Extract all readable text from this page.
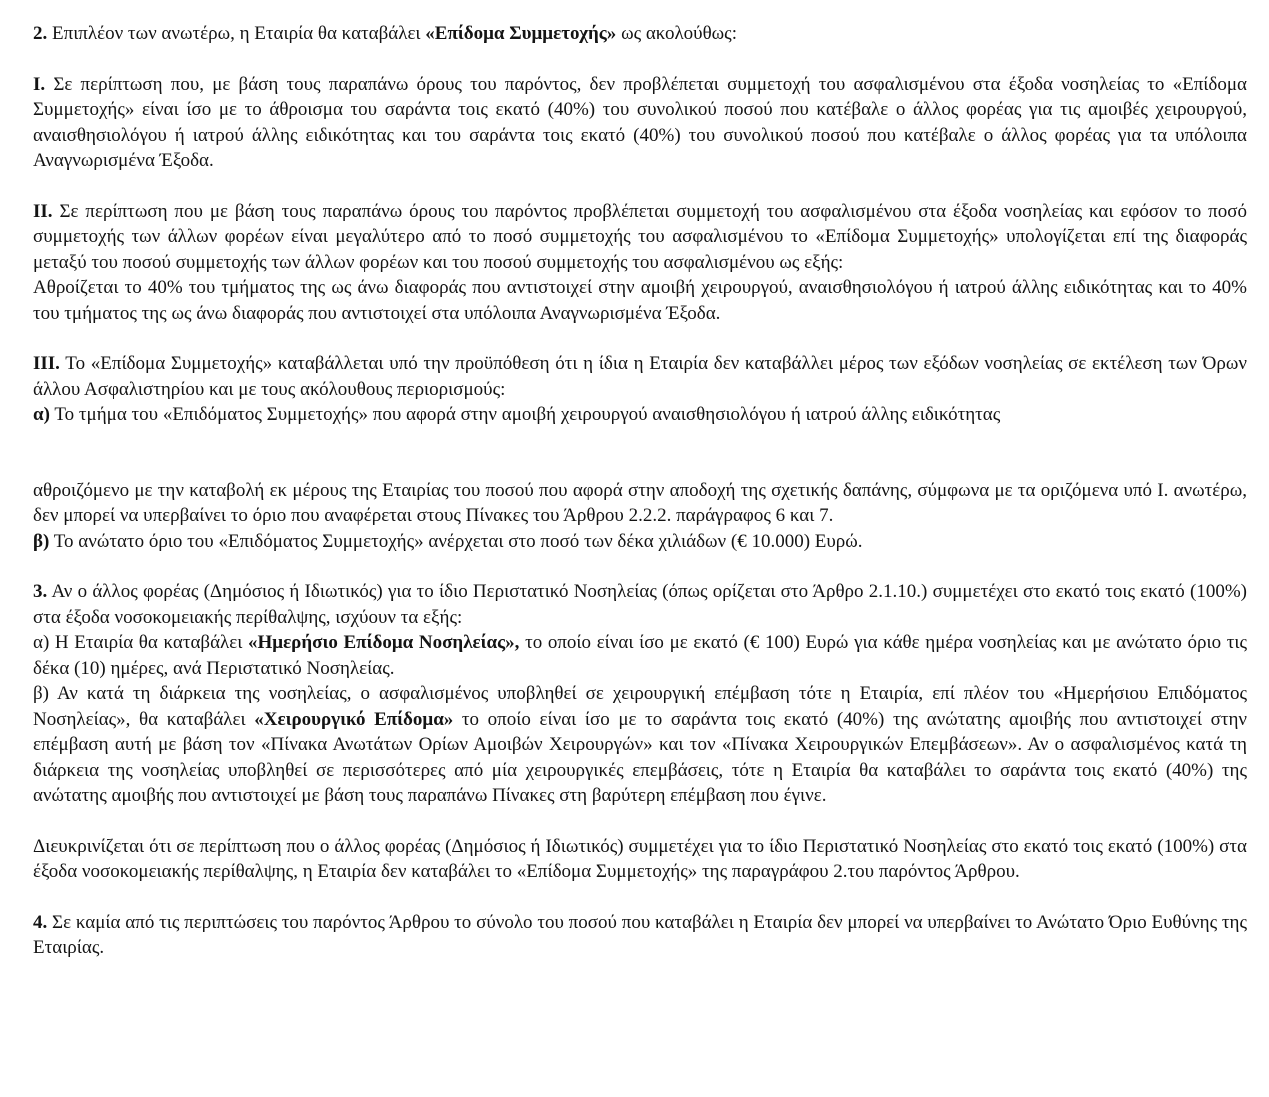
2. Επιπλέον των ανωτέρω, η Εταιρία θα καταβάλει «Επίδομα Συμμετοχής» ως ακολούθως:

Ι. Σε περίπτωση που, με βάση τους παραπάνω όρους του παρόντος, δεν προβλέπεται συμμετοχή του ασφαλισμένου στα έξοδα νοσηλείας το «Επίδομα Συμμετοχής» είναι ίσο με το άθροισμα του σαράντα τοις εκατό (40%) του συνολικού ποσού που κατέβαλε ο άλλος φορέας για τις αμοιβές χειρουργού, αναισθησιολόγου ή ιατρού άλλης ειδικότητας και του σαράντα τοις εκατό (40%) του συνολικού ποσού που κατέβαλε ο άλλος φορέας για τα υπόλοιπα Αναγνωρισμένα Έξοδα.

ΙΙ. Σε περίπτωση που με βάση τους παραπάνω όρους του παρόντος προβλέπεται συμμετοχή του ασφαλισμένου στα έξοδα νοσηλείας και εφόσον το ποσό συμμετοχής των άλλων φορέων είναι μεγαλύτερο από το ποσό συμμετοχής του ασφαλισμένου το «Επίδομα Συμμετοχής» υπολογίζεται επί της διαφοράς μεταξύ του ποσού συμμετοχής των άλλων φορέων και του ποσού συμμετοχής του ασφαλισμένου ως εξής:

Αθροίζεται το 40% του τμήματος της ως άνω διαφοράς που αντιστοιχεί στην αμοιβή χειρουργού, αναισθησιολόγου ή ιατρού άλλης ειδικότητας και το 40% του τμήματος της ως άνω διαφοράς που αντιστοιχεί στα υπόλοιπα Αναγνωρισμένα Έξοδα.

ΙΙΙ. Το «Επίδομα Συμμετοχής» καταβάλλεται υπό την προϋπόθεση ότι η ίδια η Εταιρία δεν καταβάλλει μέρος των εξόδων νοσηλείας σε εκτέλεση των Όρων άλλου Ασφαλιστηρίου και με τους ακόλουθους περιορισμούς:

α) Το τμήμα του «Επιδόματος Συμμετοχής» που αφορά στην αμοιβή χειρουργού αναισθησιολόγου ή ιατρού άλλης ειδικότητας

αθροιζόμενο με την καταβολή εκ μέρους της Εταιρίας του ποσού που αφορά στην αποδοχή της σχετικής δαπάνης, σύμφωνα με τα οριζόμενα υπό Ι. ανωτέρω, δεν μπορεί να υπερβαίνει το όριο που αναφέρεται στους Πίνακες του Άρθρου 2.2.2. παράγραφος 6 και 7.

β) Το ανώτατο όριο του «Επιδόματος Συμμετοχής» ανέρχεται στο ποσό των δέκα χιλιάδων (€ 10.000) Ευρώ.

3. Αν ο άλλος φορέας (Δημόσιος ή Ιδιωτικός) για το ίδιο Περιστατικό Νοσηλείας (όπως ορίζεται στο Άρθρο 2.1.10.) συμμετέχει στο εκατό τοις εκατό (100%) στα έξοδα νοσοκομειακής περίθαλψης, ισχύουν τα εξής:

α) Η Εταιρία θα καταβάλει «Ημερήσιο Επίδομα Νοσηλείας», το οποίο είναι ίσο με εκατό (€ 100) Ευρώ για κάθε ημέρα νοσηλείας και με ανώτατο όριο τις δέκα (10) ημέρες, ανά Περιστατικό Νοσηλείας.

β) Αν κατά τη διάρκεια της νοσηλείας, ο ασφαλισμένος υποβληθεί σε χειρουργική επέμβαση τότε η Εταιρία, επί πλέον του «Ημερήσιου Επιδόματος Νοσηλείας», θα καταβάλει «Χειρουργικό Επίδομα» το οποίο είναι ίσο με το σαράντα τοις εκατό (40%) της ανώτατης αμοιβής που αντιστοιχεί στην επέμβαση αυτή με βάση τον «Πίνακα Ανωτάτων Ορίων Αμοιβών Χειρουργών» και τον «Πίνακα Χειρουργικών Επεμβάσεων». Αν ο ασφαλισμένος κατά τη διάρκεια της νοσηλείας υποβληθεί σε περισσότερες από μία χειρουργικές επεμβάσεις, τότε η Εταιρία θα καταβάλει το σαράντα τοις εκατό (40%) της ανώτατης αμοιβής που αντιστοιχεί με βάση τους παραπάνω Πίνακες στη βαρύτερη επέμβαση που έγινε.

Διευκρινίζεται ότι σε περίπτωση που ο άλλος φορέας (Δημόσιος ή Ιδιωτικός) συμμετέχει για το ίδιο Περιστατικό Νοσηλείας στο εκατό τοις εκατό (100%) στα έξοδα νοσοκομειακής περίθαλψης, η Εταιρία δεν καταβάλει το «Επίδομα Συμμετοχής» της παραγράφου 2.του παρόντος Άρθρου.

4. Σε καμία από τις περιπτώσεις του παρόντος Άρθρου το σύνολο του ποσού που καταβάλει η Εταιρία δεν μπορεί να υπερβαίνει το Ανώτατο Όριο Ευθύνης της Εταιρίας.
